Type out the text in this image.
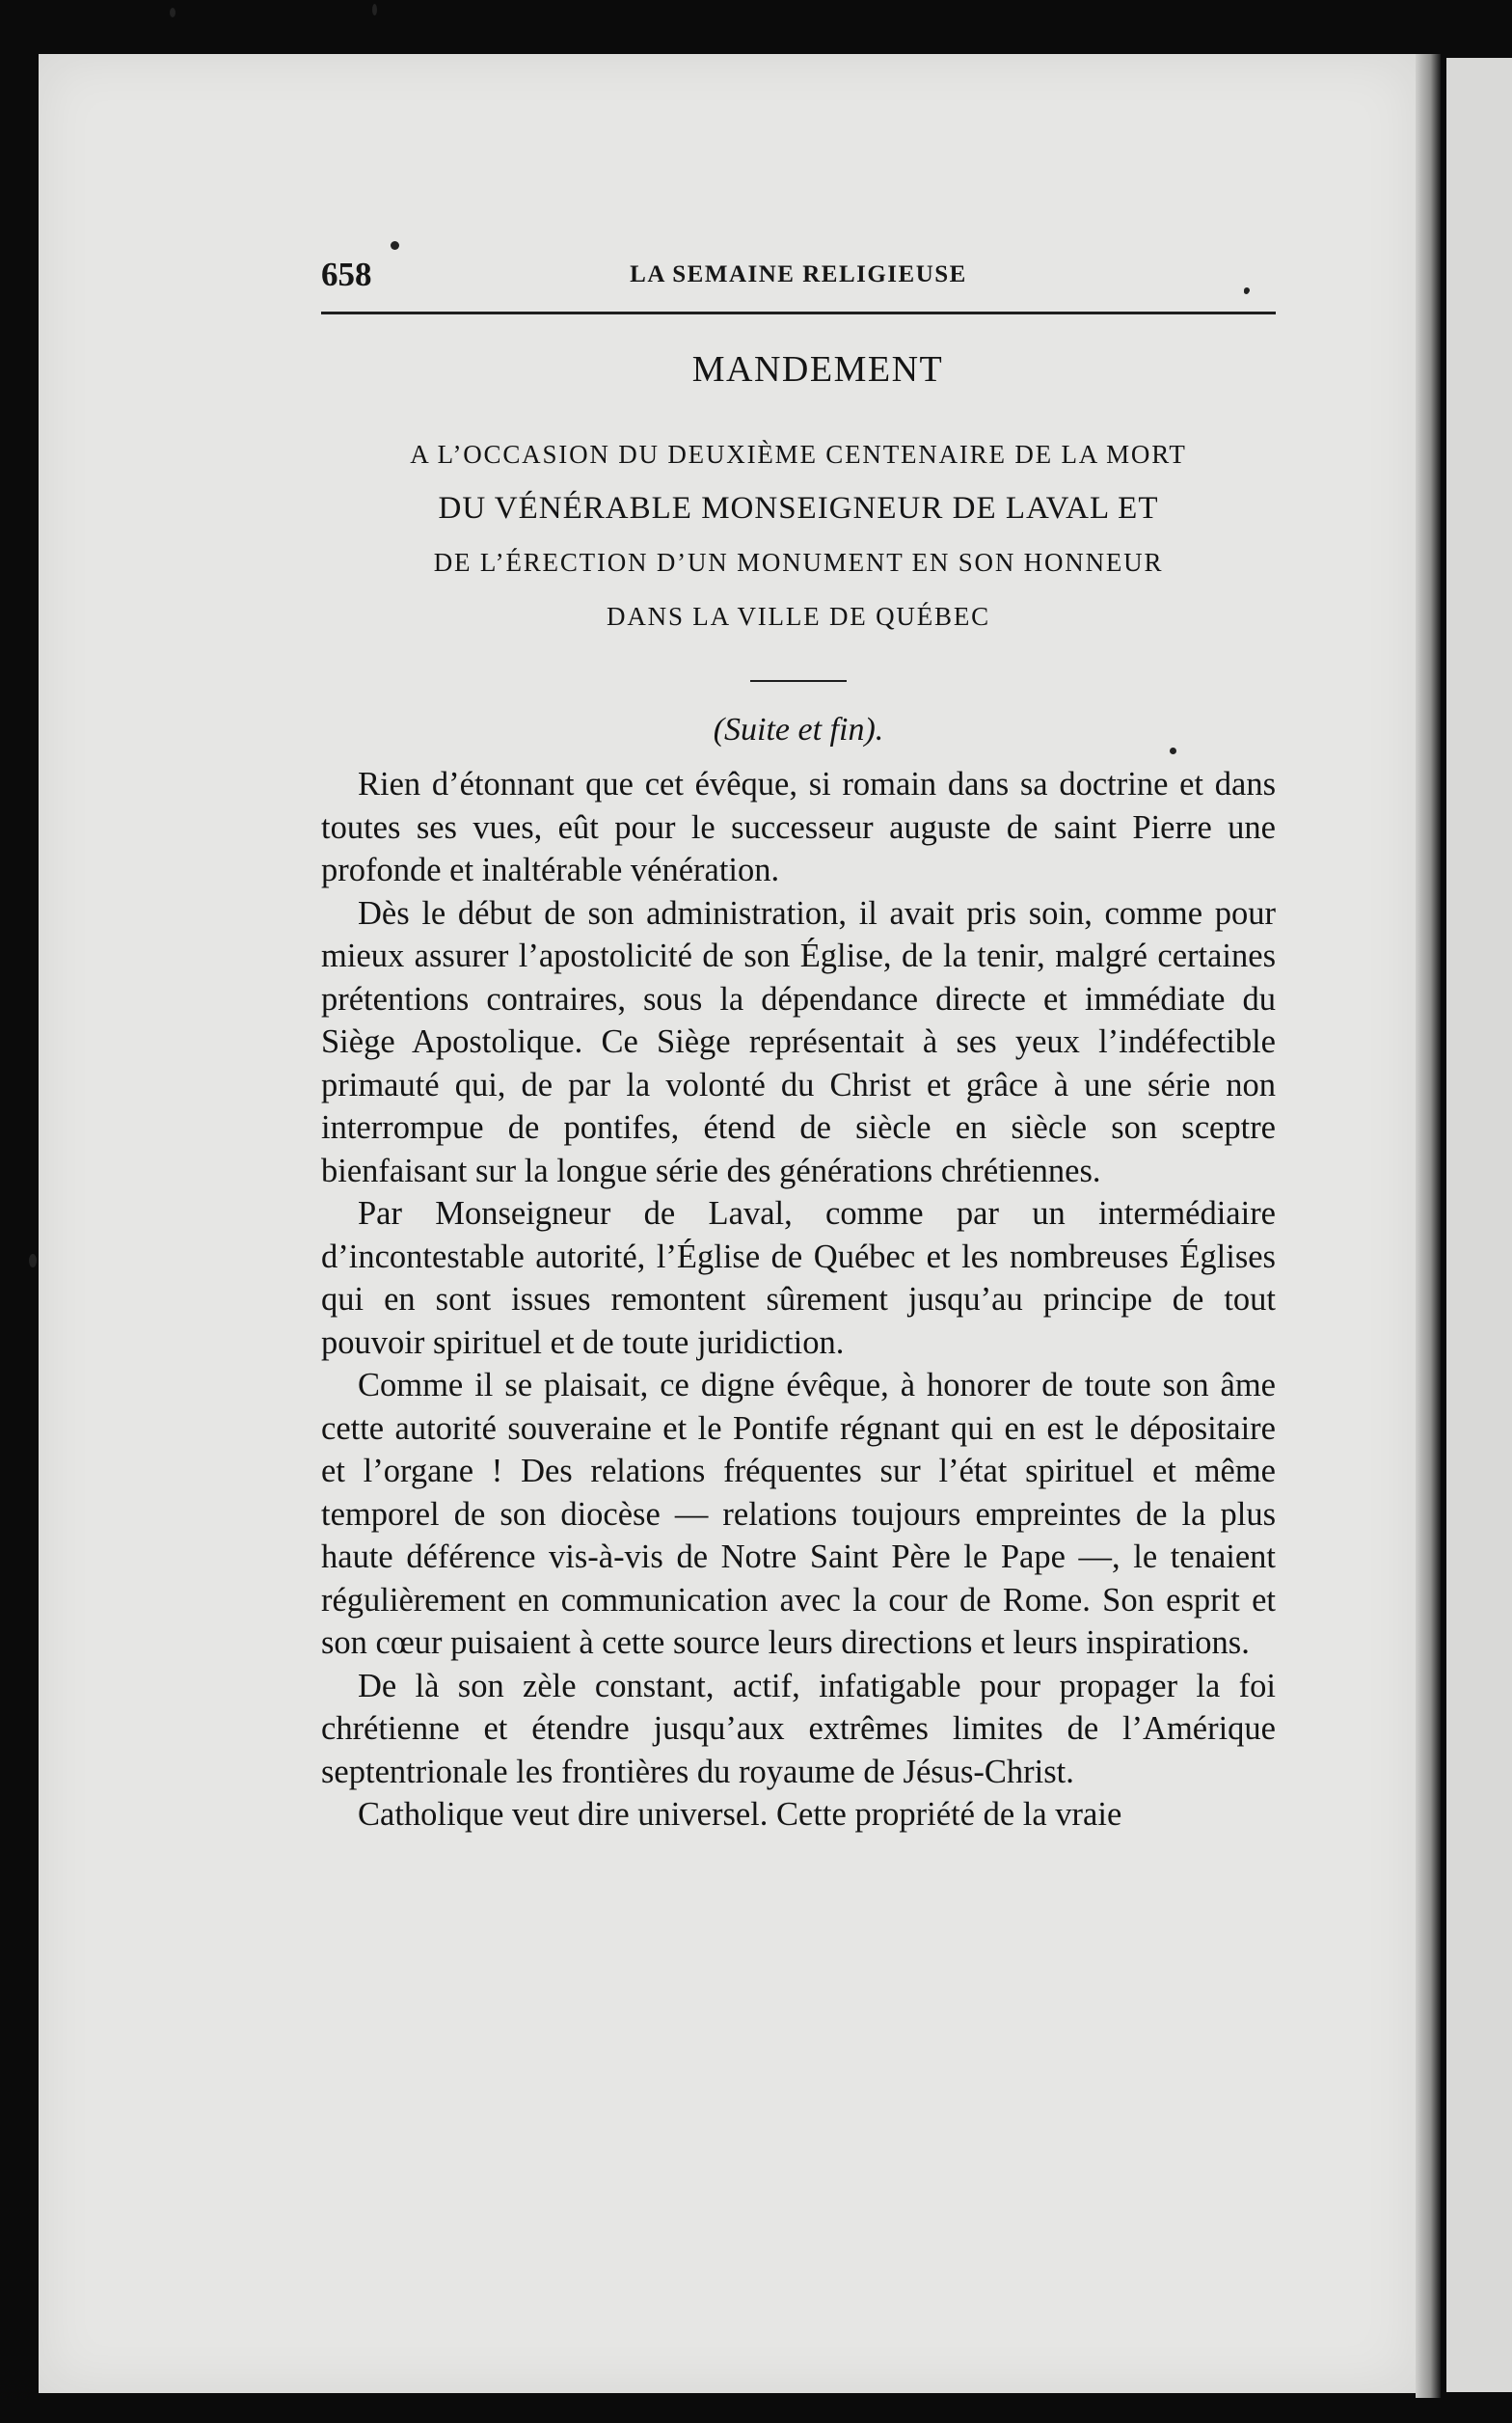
658	LA SEMAINE RELIGIEUSE
MANDEMENT
A L’OCCASION DU DEUXIÈME CENTENAIRE DE LA MORT
DU VÉNÉRABLE MONSEIGNEUR DE LAVAL ET
DE L’ÉRECTION D’UN MONUMENT EN SON HONNEUR
DANS LA VILLE DE QUÉBEC
(Suite et fin).

Rien d’étonnant que cet évêque, si romain dans sa doctrine et dans toutes ses vues, eût pour le successeur auguste de saint Pierre une profonde et inaltérable vénération.

Dès le début de son administration, il avait pris soin, comme pour mieux assurer l’apostolicité de son Église, de la tenir, malgré certaines prétentions contraires, sous la dépendance directe et immédiate du Siège Apostolique. Ce Siège représentait à ses yeux l’indéfectible primauté qui, de par la volonté du Christ et grâce à une série non interrompue de pontifes, étend de siècle en siècle son sceptre bienfaisant sur la longue série des générations chrétiennes.

Par Monseigneur de Laval, comme par un intermédiaire d’incontestable autorité, l’Église de Québec et les nombreuses Églises qui en sont issues remontent sûrement jusqu’au principe de tout pouvoir spirituel et de toute juridiction.

Comme il se plaisait, ce digne évêque, à honorer de toute son âme cette autorité souveraine et le Pontife régnant qui en est le dépositaire et l’organe ! Des relations fréquentes sur l’état spirituel et même temporel de son diocèse — relations toujours empreintes de la plus haute déférence vis-à-vis de Notre Saint Père le Pape —, le tenaient régulièrement en communication avec la cour de Rome. Son esprit et son cœur puisaient à cette source leurs directions et leurs inspirations.

De là son zèle constant, actif, infatigable pour propager la foi chrétienne et étendre jusqu’aux extrêmes limites de l’Amérique septentrionale les frontières du royaume de Jésus-Christ.

Catholique veut dire universel. Cette propriété de la vraie
